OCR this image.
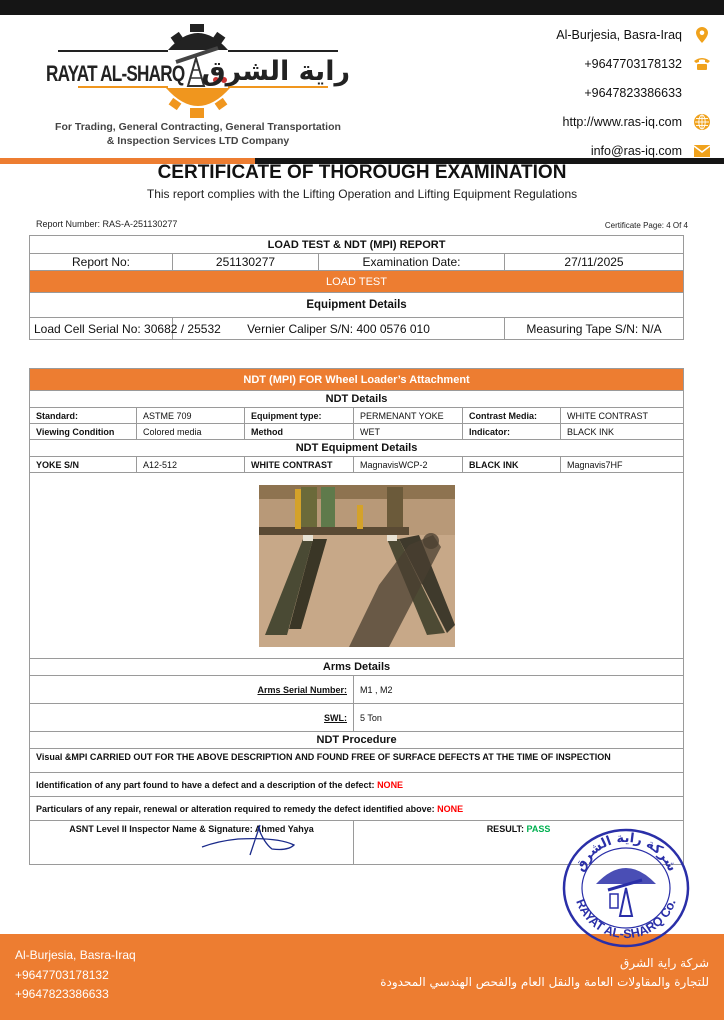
RAYAT AL-SHARQ راية الشرق
For Trading, General Contracting, General Transportation
& Inspection Services LTD Company
Al-Burjesia, Basra-Iraq
+9647703178132
+9647823386633
http://www.ras-iq.com
info@ras-iq.com
CERTIFICATE OF THOROUGH EXAMINATION
This report complies with the Lifting Operation and Lifting Equipment Regulations
Report Number: RAS-A-251130277	Certificate Page: 4 Of 4
LOAD TEST & NDT (MPI) REPORT			
Report No:	251130277	Examination Date:	27/11/2025
LOAD TEST			
Equipment Details			
Load Cell Serial No: 30682 / 25532	Vernier Caliper S/N: 400 0576 010		Measuring Tape S/N: N/A
NDT (MPI) FOR Wheel Loader’s Attachment					
NDT Details					
Standard:	ASTME 709	Equipment type:	PERMENANT YOKE	Contrast Media:	WHITE CONTRAST
Viewing Condition	Colored media	Method	WET	Indicator:	BLACK INK
NDT Equipment Details					
YOKE S/N	A12-512	WHITE CONTRAST	MagnavisWCP-2	BLACK INK	Magnavis7HF

Arms Details					
Arms Serial Number:			M1 , M2		
SWL:			5 Ton		
NDT Procedure					
Visual &MPI CARRIED OUT FOR THE ABOVE DESCRIPTION AND FOUND FREE OF SURFACE DEFECTS AT THE TIME OF INSPECTION					
Identification of any part found to have a defect and a description of the defect: NONE					
Particulars of any repair, renewal or alteration required to remedy the defect identified above: NONE					
ASNT Level II Inspector Name & Signature: Ahmed Yahya			RESULT: PASS		
Al-Burjesia, Basra-Iraq
+9647703178132
+9647823386633
شركة راية الشرق
للتجارة والمقاولات العامة والنقل العام والفحص الهندسي المحدودة
شركة راية الشرق
RAYAT AL-SHARQ Co.
